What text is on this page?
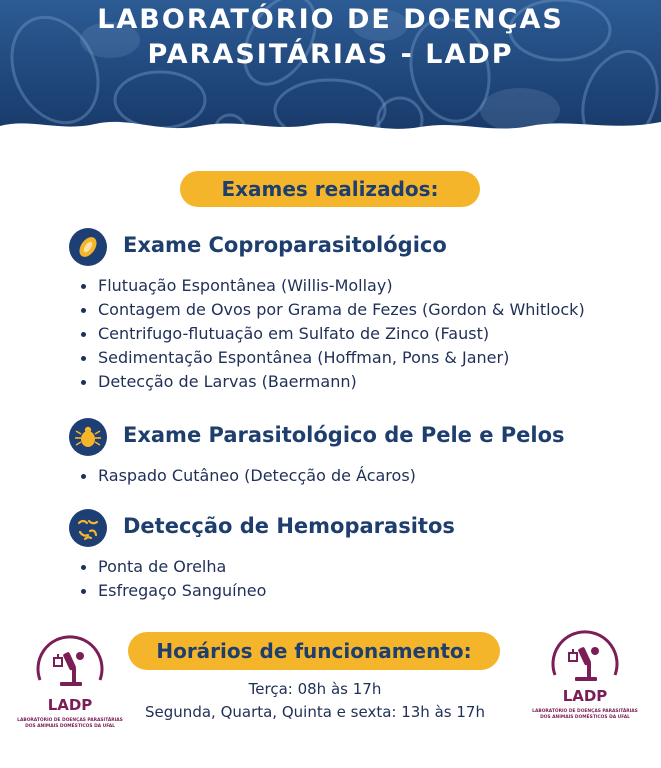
LABORATÓRIO DE DOENÇAS
PARASITÁRIAS - LADP
Exames realizados:
Exame Coproparasitológico
Flutuação Espontânea (Willis-Mollay)
Contagem de Ovos por Grama de Fezes (Gordon & Whitlock)
Centrifugo-flutuação em Sulfato de Zinco (Faust)
Sedimentação Espontânea (Hoffman, Pons & Janer)
Detecção de Larvas (Baermann)
Exame Parasitológico de Pele e Pelos
Raspado Cutâneo (Detecção de Ácaros)
Detecção de Hemoparasitos
Ponta de Orelha
Esfregaço Sanguíneo
Horários de funcionamento:
Terça: 08h às 17h
Segunda, Quarta, Quinta e sexta: 13h às 17h
LADP
LABORATÓRIO DE DOENÇAS PARASITÁRIAS
DOS ANIMAIS DOMÉSTICOS DA UFAL
LADP
LABORATÓRIO DE DOENÇAS PARASITÁRIAS
DOS ANIMAIS DOMÉSTICOS DA UFAL
